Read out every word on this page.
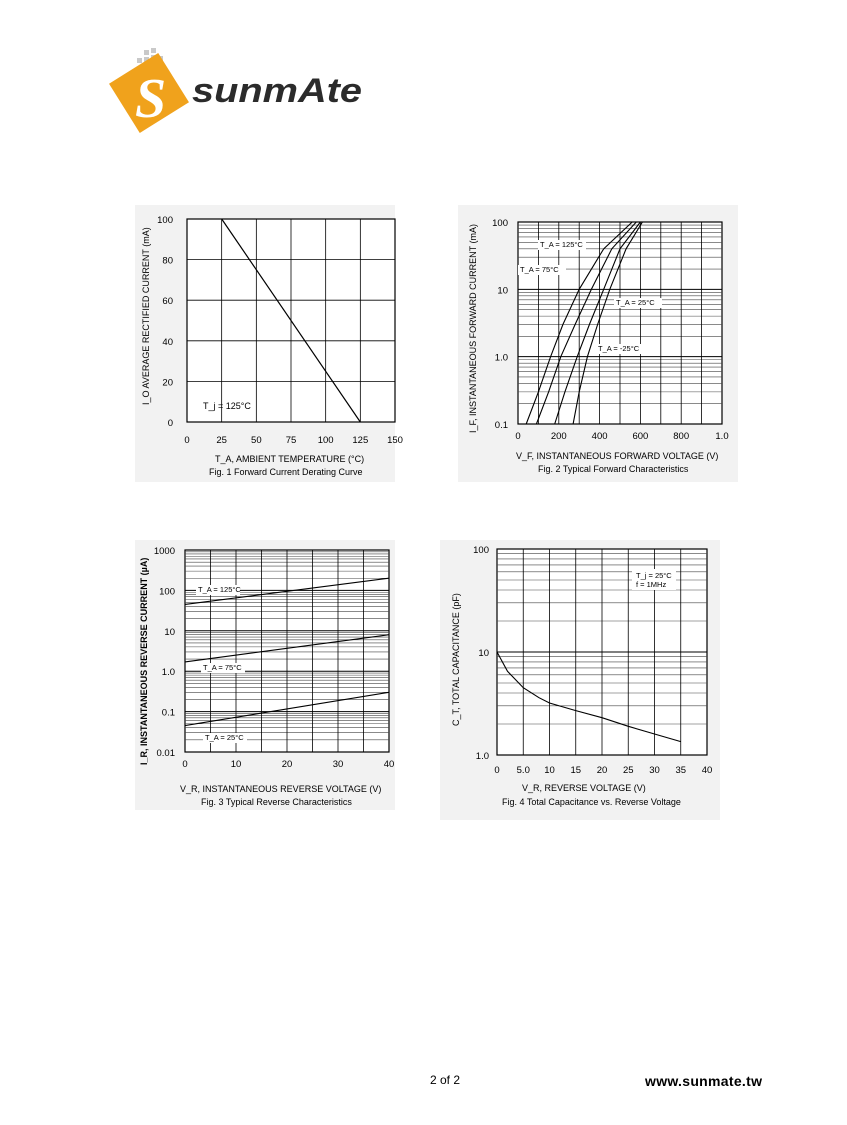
S sunmAte
0	25	50	75 100 125 150
0
20
40
60
80
100
I_O AVERAGE RECTIFIED CURRENT (mA)
T_A, AMBIENT TEMPERATURE (°C)
Fig. 1 Forward Current Derating Curve
T_j = 125°C
0	200	400	600	800	1.0
0.1
1.0
10
100
T_A = 125°C
T_A = 75°C
T_A = 25°C
T_A = -25°C
I_F, INSTANTANEOUS FORWARD CURRENT (mA)
V_F, INSTANTANEOUS FORWARD VOLTAGE (V)
Fig. 2 Typical Forward Characteristics
0	10	20	30	40
0.01
0.1
1.0
10
100
1000
T_A = 125°C
T_A = 75°C
T_A = 25°C
I_R, INSTANTANEOUS REVERSE CURRENT (µA)
V_R, INSTANTANEOUS REVERSE VOLTAGE (V)
Fig. 3 Typical Reverse Characteristics
0 5.0 10 15 20 25 30 35 40
1.0
10
100
C_T, TOTAL CAPACITANCE (pF)
V_R, REVERSE VOLTAGE (V)
Fig. 4 Total Capacitance vs. Reverse Voltage
T_j = 25°C
f = 1MHz
2 of 2	www.sunmate.tw
